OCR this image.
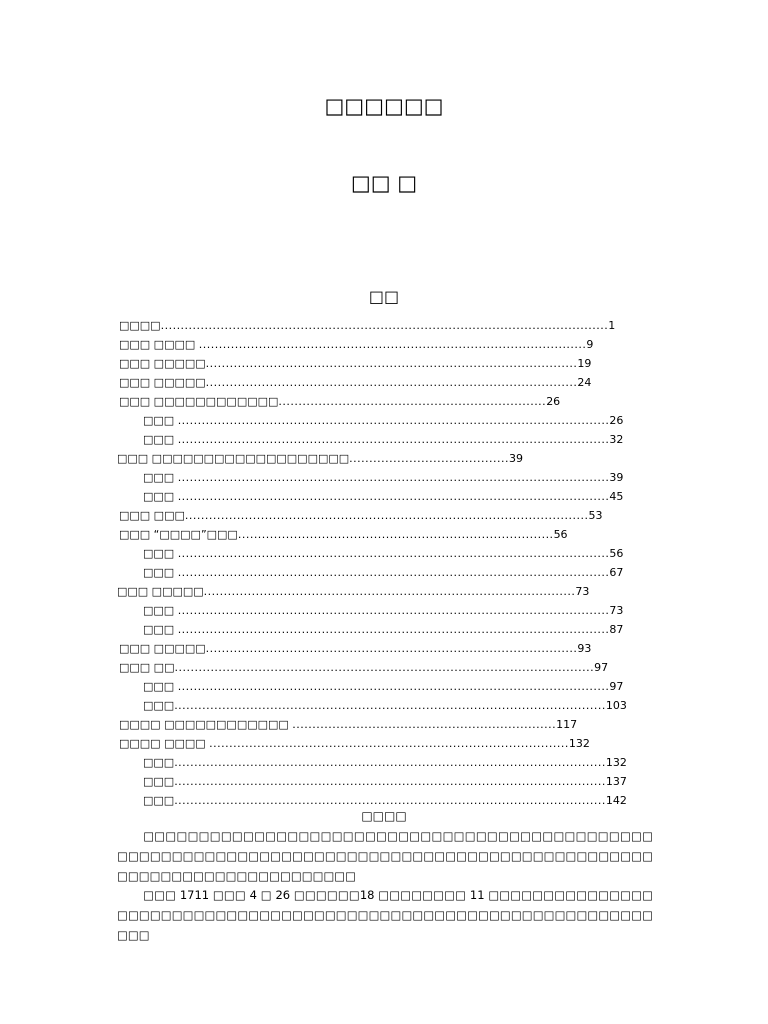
□□□□□□
□□ □
□□
□□□□................................................................................................................1
□□□ □□□□ .................................................................................................9
□□□ □□□□□.............................................................................................19
□□□ □□□□□.............................................................................................24
□□□ □□□□□□□□□□□□...................................................................26
□□□ ............................................................................................................26
□□□ ............................................................................................................32
□□□ □□□□□□□□□□□□□□□□□□□........................................39
□□□ ............................................................................................................39
□□□ ............................................................................................................45
□□□ □□□.....................................................................................................53
□□□ “□□□□”□□□...............................................................................56
□□□ ............................................................................................................56
□□□ ............................................................................................................67
□□□ □□□□□.............................................................................................73
□□□ ............................................................................................................73
□□□ ............................................................................................................87
□□□ □□□□□.............................................................................................93
□□□ □□.........................................................................................................97
□□□ ............................................................................................................97
□□□............................................................................................................103
□□□□ □□□□□□□□□□□□ ..................................................................117
□□□□ □□□□ ..........................................................................................132
□□□............................................................................................................132
□□□............................................................................................................137
□□□............................................................................................................142
□□□□
□□□□□□□□□□□□□□□□□□□□□□□□□□□□□□□□□□□□□□□□□□□□□□□□□□□□□□□□□□□□□□□□□□□□□□□□□□□□□□□□□□□□□□□□□□□□□□□□□□□□□□□□□□□□□□□□□□□□□
□□□ 1711 □□□ 4 □ 26 □□□□□□18 □□□□□□□□ 11 □□□□□□□□□□□□□□□□□□□□□□□□□□□□□□□□□□□□□□□□□□□□□□□□□□□□□□□□□□□□□□□□□□□
